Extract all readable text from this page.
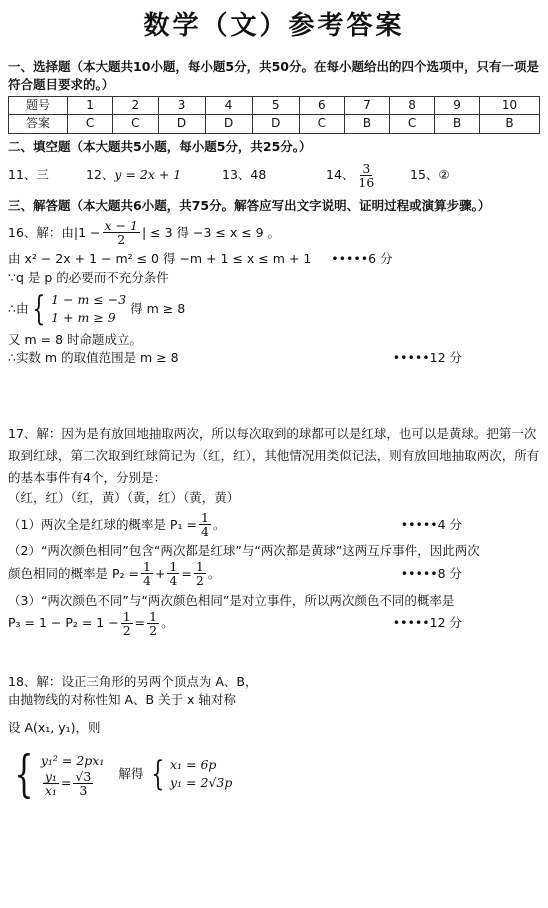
数学（文）参考答案

一、选择题（本大题共10小题，每小题5分，共50分。在每小题给出的四个选项中，只有一项是符合题目要求的。）

题号	1	2	3	4	5	6	7	8	9	10
答案	C	C	D	D	D	C	B	C	B	B

二、填空题（本大题共5小题，每小题5分，共25分。）

11、三	12、y = 2x + 1	13、48	14、 $\frac{3}{16}$	15、②

三、解答题（本大题共6小题，共75分。解答应写出文字说明、证明过程或演算步骤。）

16、解：由$|1 - \frac{x - 1}{2}$ | ≤ 3 得 −3 ≤ x ≤ 9 。
由 x² − 2x + 1 − m² ≤ 0 得 −m + 1 ≤ x ≤ m + 1 •••••6 分
∵q 是 p 的必要而不充分条件
∴由 { 1 − m ≤ −3
1 + m ≥ 9
得 m ≥ 8
又 m = 8 时命题成立。
∴实数 m 的取值范围是 m ≥ 8	•••••12 分

17、解：因为是有放回地抽取两次，所以每次取到的球都可以是红球，也可以是黄球。把第一次取到红球，第二次取到红球简记为（红，红），其他情况用类似记法，则有放回地抽取两次，所有的基本事件有4个，分别是：

（红，红）（红，黄）（黄，红）（黄，黄）

（1）两次全是红球的概率是 $P_1 = \frac{1}{4}$ 。	•••••4 分

（2）“两次颜色相同”包含“两次都是红球”与“两次都是黄球”这两互斥事件，因此两次

颜色相同的概率是 $P_2 = \frac{1}{4} + \frac{1}{4} = \frac{1}{2}$ 。	•••••8 分

（3）“两次颜色不同”与“两次颜色相同”是对立事件，所以两次颜色不同的概率是

$P_3 = 1 - P_2 = 1 - \frac{1}{2} = \frac{1}{2}$ 。	•••••12 分

18、解：设正三角形的另两个顶点为 A、B，

由抛物线的对称性知 A、B 关于 x 轴对称

设 A(x₁, y₁)，则

{ y₁² = 2px₁
$\frac{\text{y₁}}{\text{x₁}} = \frac{√3}{3}$ 解得 { x₁ = 6p
y₁ = 2√3p
